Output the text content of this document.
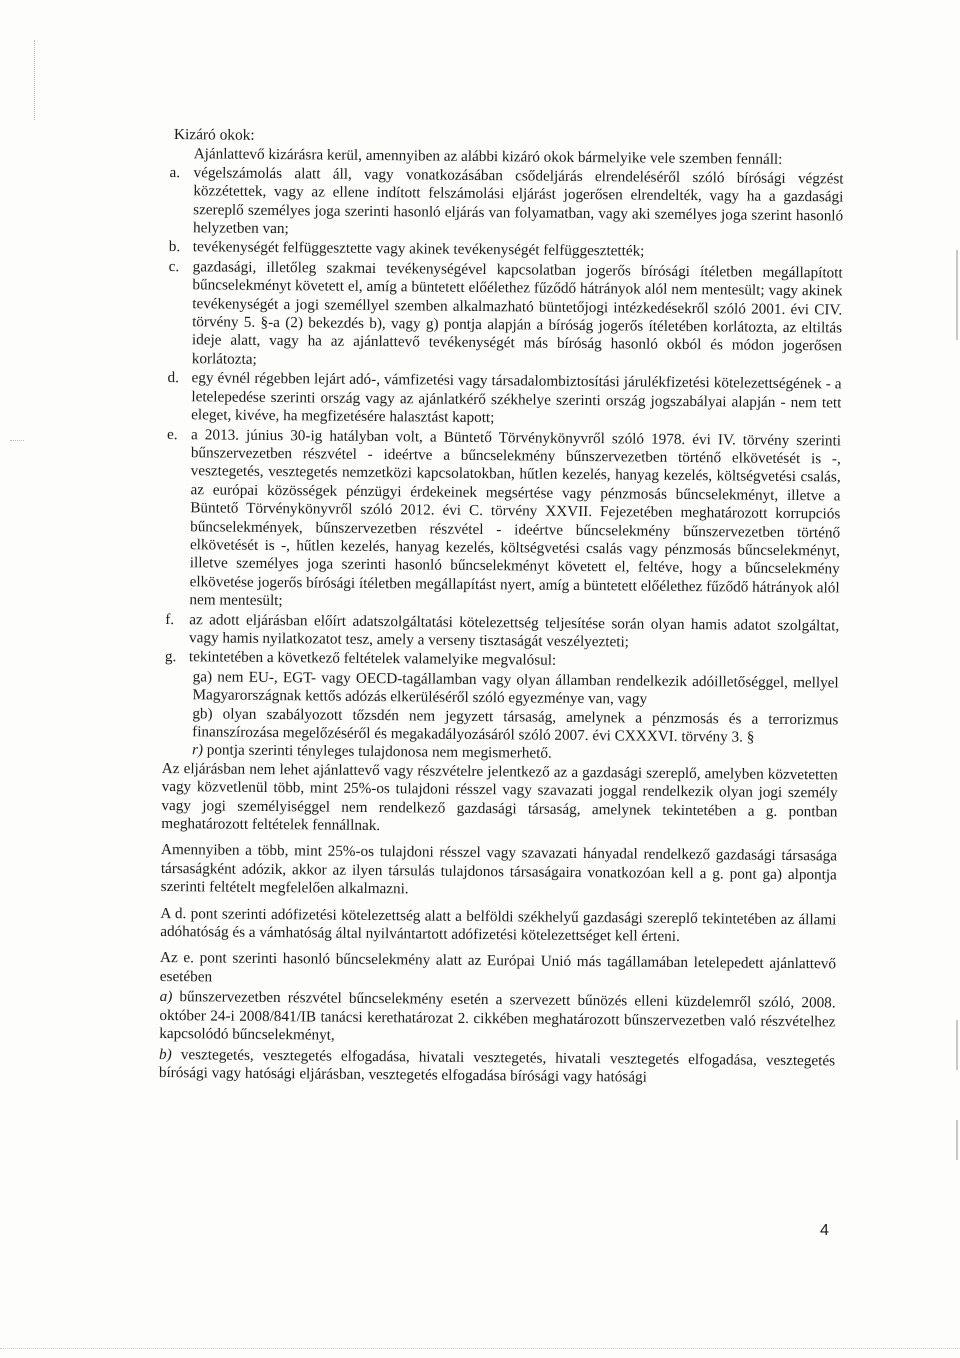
Kizáró okok:

Ajánlattevő kizárásra kerül, amennyiben az alábbi kizáró okok bármelyike vele szemben fennáll:

a. végelszámolás alatt áll, vagy vonatkozásában csődeljárás elrendeléséről szóló bírósági végzést közzétettek, vagy az ellene indított felszámolási eljárást jogerősen elrendelték, vagy ha a gazdasági szereplő személyes joga szerinti hasonló eljárás van folyamatban, vagy aki személyes joga szerint hasonló helyzetben van;
b. tevékenységét felfüggesztette vagy akinek tevékenységét felfüggesztették;
c. gazdasági, illetőleg szakmai tevékenységével kapcsolatban jogerős bírósági ítéletben megállapított bűncselekményt követett el, amíg a büntetett előélethez fűződő hátrányok alól nem mentesült; vagy akinek tevékenységét a jogi személlyel szemben alkalmazható büntetőjogi intézkedésekről szóló 2001. évi CIV. törvény 5. §-a (2) bekezdés b), vagy g) pontja alapján a bíróság jogerős ítéletében korlátozta, az eltiltás ideje alatt, vagy ha az ajánlattevő tevékenységét más bíróság hasonló okból és módon jogerősen korlátozta;
d. egy évnél régebben lejárt adó-, vámfizetési vagy társadalombiztosítási járulékfizetési kötelezettségének - a letelepedése szerinti ország vagy az ajánlatkérő székhelye szerinti ország jogszabályai alapján - nem tett eleget, kivéve, ha megfizetésére halasztást kapott;
e. a 2013. június 30-ig hatályban volt, a Büntető Törvénykönyvről szóló 1978. évi IV. törvény szerinti bűnszervezetben részvétel - ideértve a bűncselekmény bűnszervezetben történő elkövetését is -, vesztegetés, vesztegetés nemzetközi kapcsolatokban, hűtlen kezelés, hanyag kezelés, költségvetési csalás, az európai közösségek pénzügyi érdekeinek megsértése vagy pénzmosás bűncselekményt, illetve a Büntető Törvénykönyvről szóló 2012. évi C. törvény XXVII. Fejezetében meghatározott korrupciós bűncselekmények, bűnszervezetben részvétel - ideértve bűncselekmény bűnszervezetben történő elkövetését is -, hűtlen kezelés, hanyag kezelés, költségvetési csalás vagy pénzmosás bűncselekményt, illetve személyes joga szerinti hasonló bűncselekményt követett el, feltéve, hogy a bűncselekmény elkövetése jogerős bírósági ítéletben megállapítást nyert, amíg a büntetett előélethez fűződő hátrányok alól nem mentesült;
f. az adott eljárásban előírt adatszolgáltatási kötelezettség teljesítése során olyan hamis adatot szolgáltat, vagy hamis nyilatkozatot tesz, amely a verseny tisztaságát veszélyezteti;
g. tekintetében a következő feltételek valamelyike megvalósul:

ga) nem EU-, EGT- vagy OECD-tagállamban vagy olyan államban rendelkezik adóilletőséggel, mellyel Magyarországnak kettős adózás elkerüléséről szóló egyezménye van, vagy

gb) olyan szabályozott tőzsdén nem jegyzett társaság, amelynek a pénzmosás és a terrorizmus finanszírozása megelőzéséről és megakadályozásáról szóló 2007. évi CXXXVI. törvény 3. §

r) pontja szerinti tényleges tulajdonosa nem megismerhető.

Az eljárásban nem lehet ajánlattevő vagy részvételre jelentkező az a gazdasági szereplő, amelyben közvetetten vagy közvetlenül több, mint 25%-os tulajdoni résszel vagy szavazati joggal rendelkezik olyan jogi személy vagy jogi személyiséggel nem rendelkező gazdasági társaság, amelynek tekintetében a g. pontban meghatározott feltételek fennállnak.

Amennyiben a több, mint 25%-os tulajdoni résszel vagy szavazati hányadal rendelkező gazdasági társasága társaságként adózik, akkor az ilyen társulás tulajdonos társaságaira vonatkozóan kell a g. pont ga) alpontja szerinti feltételt megfelelően alkalmazni.

A d. pont szerinti adófizetési kötelezettség alatt a belföldi székhelyű gazdasági szereplő tekintetében az állami adóhatóság és a vámhatóság által nyilvántartott adófizetési kötelezettséget kell érteni.

Az e. pont szerinti hasonló bűncselekmény alatt az Európai Unió más tagállamában letelepedett ajánlattevő esetében

a) bűnszervezetben részvétel bűncselekmény esetén a szervezett bűnözés elleni küzdelemről szóló, 2008. október 24-i 2008/841/IB tanácsi kerethatározat 2. cikkében meghatározott bűnszervezetben való részvételhez kapcsolódó bűncselekményt,

b) vesztegetés, vesztegetés elfogadása, hivatali vesztegetés, hivatali vesztegetés elfogadása, vesztegetés bírósági vagy hatósági eljárásban, vesztegetés elfogadása bírósági vagy hatósági

4
